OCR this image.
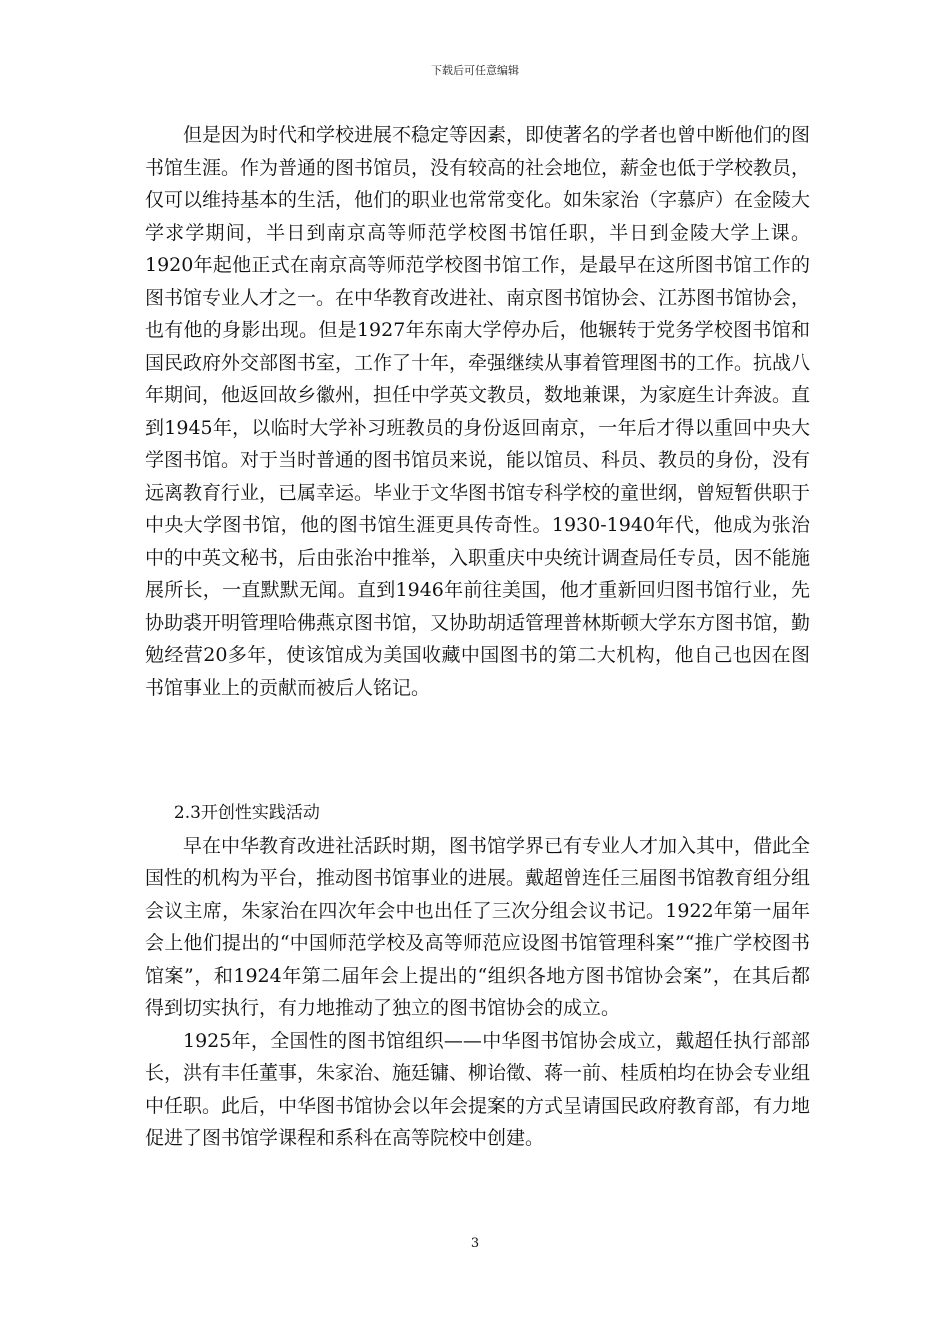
下载后可任意编辑

但是因为时代和学校进展不稳定等因素，即使著名的学者也曾中断他们的图书馆生涯。作为普通的图书馆员，没有较高的社会地位，薪金也低于学校教员，仅可以维持基本的生活，他们的职业也常常变化。如朱家治（字慕庐）在金陵大学求学期间，半日到南京高等师范学校图书馆任职，半日到金陵大学上课。1920年起他正式在南京高等师范学校图书馆工作，是最早在这所图书馆工作的图书馆专业人才之一。在中华教育改进社、南京图书馆协会、江苏图书馆协会，也有他的身影出现。但是1927年东南大学停办后，他辗转于党务学校图书馆和国民政府外交部图书室，工作了十年，牵强继续从事着管理图书的工作。抗战八年期间，他返回故乡徽州，担任中学英文教员，数地兼课，为家庭生计奔波。直到1945年，以临时大学补习班教员的身份返回南京，一年后才得以重回中央大学图书馆。对于当时普通的图书馆员来说，能以馆员、科员、教员的身份，没有远离教育行业，已属幸运。毕业于文华图书馆专科学校的童世纲，曾短暂供职于中央大学图书馆，他的图书馆生涯更具传奇性。1930-1940年代，他成为张治中的中英文秘书，后由张治中推举，入职重庆中央统计调查局任专员，因不能施展所长，一直默默无闻。直到1946年前往美国，他才重新回归图书馆行业，先协助裘开明管理哈佛燕京图书馆，又协助胡适管理普林斯顿大学东方图书馆，勤勉经营20多年，使该馆成为美国收藏中国图书的第二大机构，他自己也因在图书馆事业上的贡献而被后人铭记。

2.3开创性实践活动

早在中华教育改进社活跃时期，图书馆学界已有专业人才加入其中，借此全国性的机构为平台，推动图书馆事业的进展。戴超曾连任三届图书馆教育组分组会议主席，朱家治在四次年会中也出任了三次分组会议书记。1922年第一届年会上他们提出的“中国师范学校及高等师范应设图书馆管理科案”“推广学校图书馆案”，和1924年第二届年会上提出的“组织各地方图书馆协会案”，在其后都得到切实执行，有力地推动了独立的图书馆协会的成立。

1925年，全国性的图书馆组织——中华图书馆协会成立，戴超任执行部部长，洪有丰任董事，朱家治、施廷镛、柳诒徵、蒋一前、桂质柏均在协会专业组中任职。此后，中华图书馆协会以年会提案的方式呈请国民政府教育部，有力地促进了图书馆学课程和系科在高等院校中创建。

3
